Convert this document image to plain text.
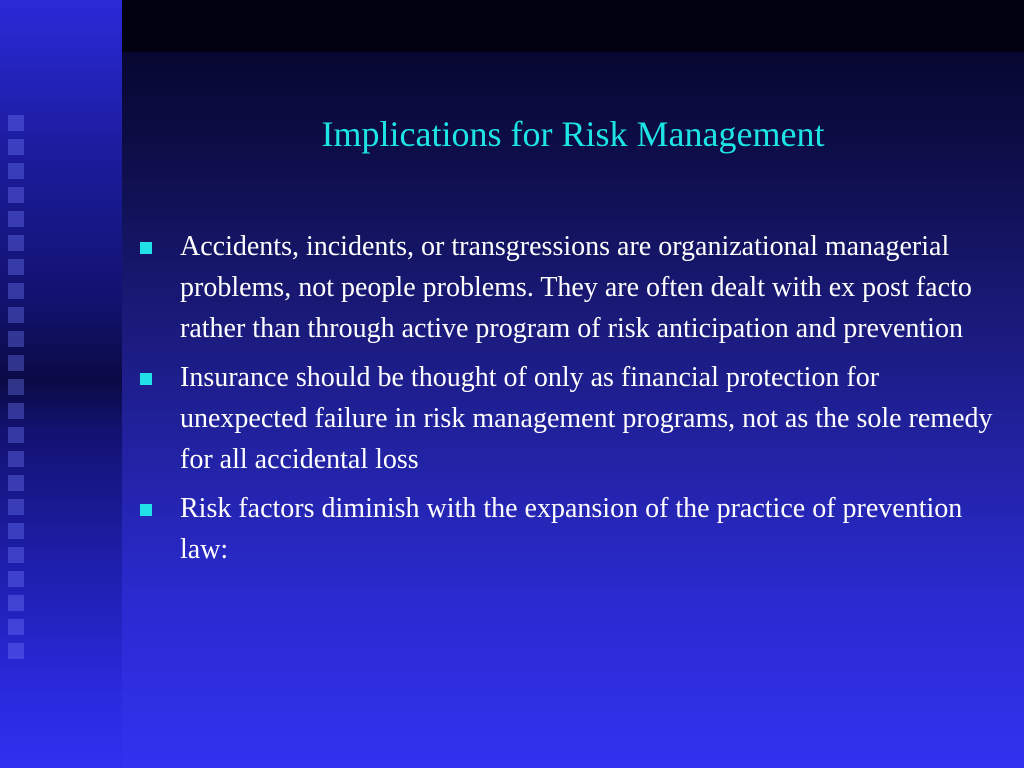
Implications for Risk Management
Accidents, incidents, or transgressions are organizational managerial problems, not people problems. They are often dealt with ex post facto rather than through active program of risk anticipation and prevention
Insurance should be thought of only as financial protection for unexpected failure in risk management programs, not as the sole remedy for all accidental loss
Risk factors diminish with the expansion of the practice of prevention law:
